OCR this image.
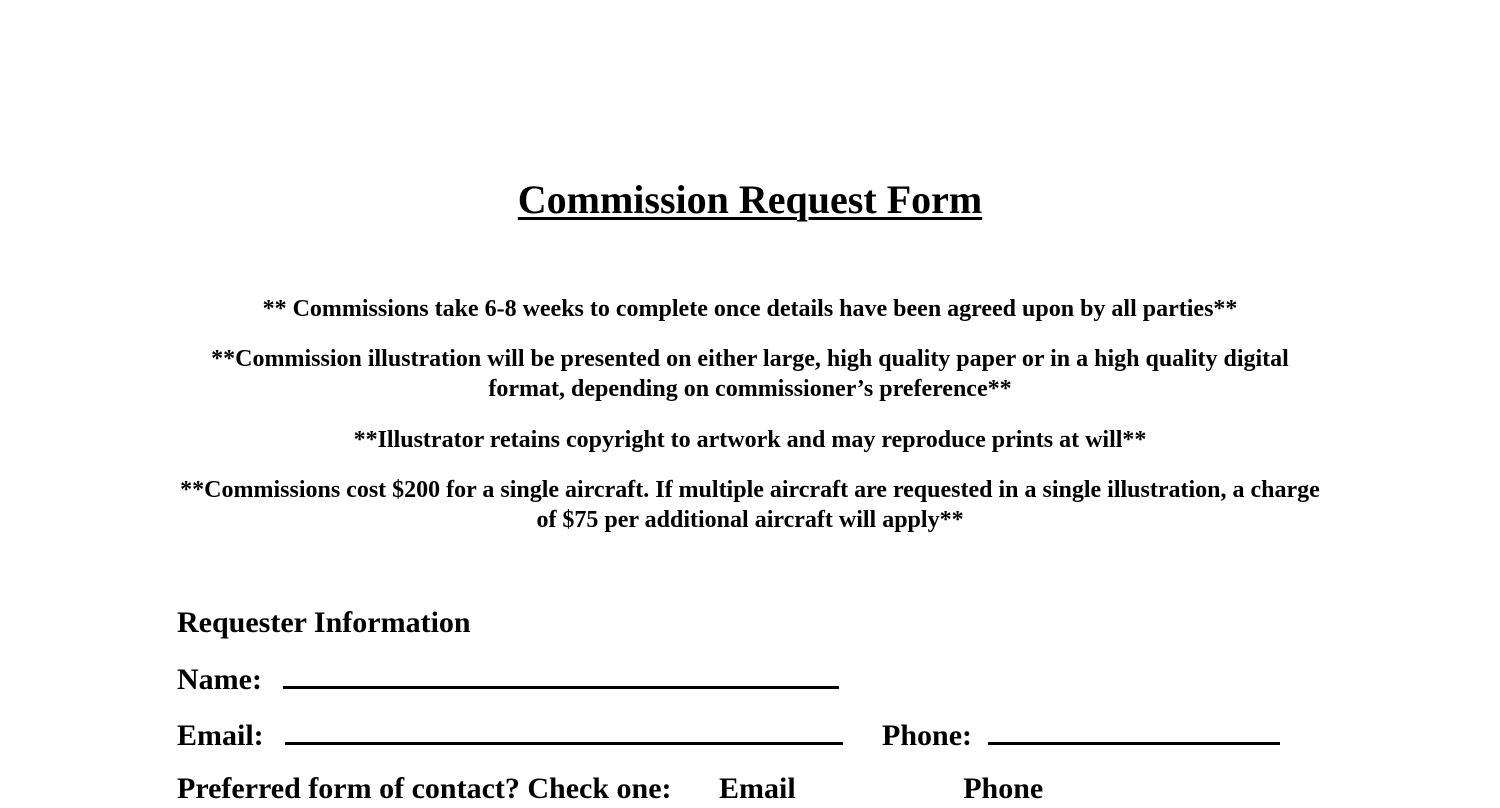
Commission Request Form

** Commissions take 6-8 weeks to complete once details have been agreed upon by all parties**

**Commission illustration will be presented on either large, high quality paper or in a high quality digital format, depending on commissioner’s preference**

**Illustrator retains copyright to artwork and may reproduce prints at will**

**Commissions cost $200 for a single aircraft. If multiple aircraft are requested in a single illustration, a charge of $75 per additional aircraft will apply**

Requester Information
Name:
Email:	Phone:
Preferred form of contact? Check one: Email	Phone
